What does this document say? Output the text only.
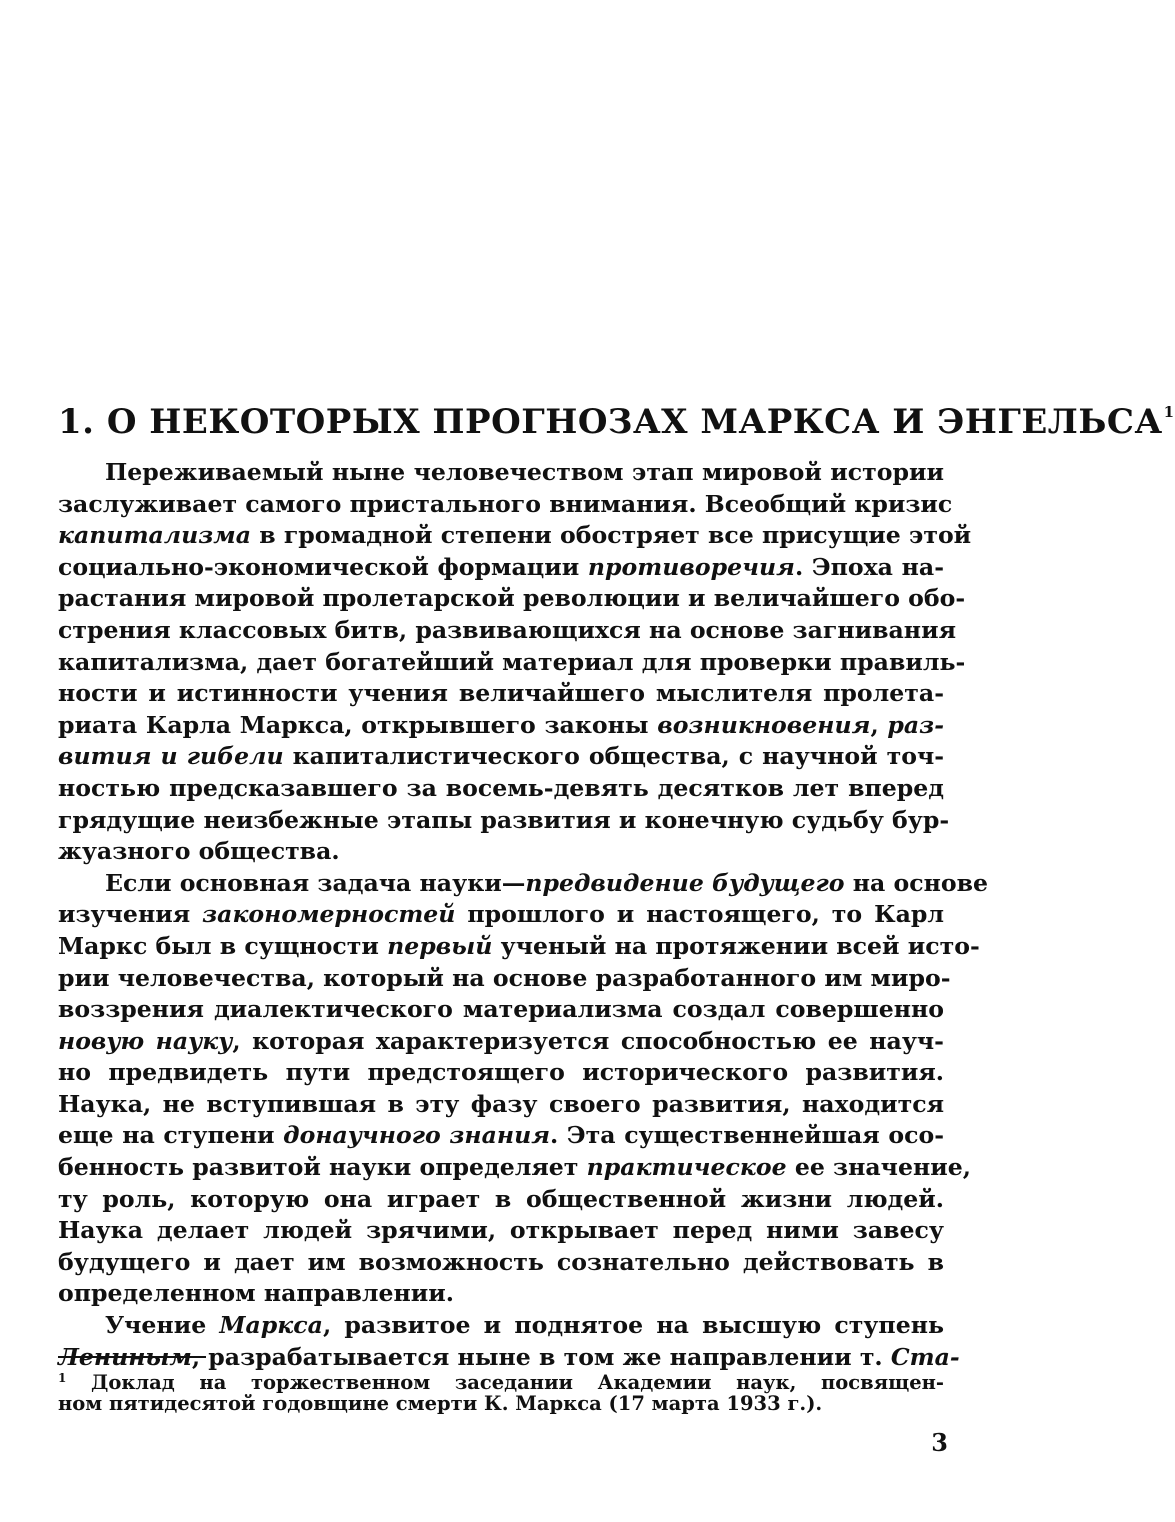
1. О НЕКОТОРЫХ ПРОГНОЗАХ МАРКСА И ЭНГЕЛЬСА$^1$
Переживаемый ныне человечеством этап мировой истории
заслуживает самого пристального внимания. Всеобщий кризис
капитализма в громадной степени обостряет все присущие этой
социально-экономической формации противоречия. Эпоха на-
растания мировой пролетарской революции и величайшего обо-
стрения классовых битв, развивающихся на основе загнивания
капитализма, дает богатейший материал для проверки правиль-
ности и истинности учения величайшего мыслителя пролета-
риата Карла Маркса, открывшего законы возникновения, раз-
вития и гибели капиталистического общества, с научной точ-
ностью предсказавшего за восемь-девять десятков лет вперед
грядущие неизбежные этапы развития и конечную судьбу бур-
жуазного общества.
Если основная задача науки—предвидение будущего на основе
изучения закономерностей прошлого и настоящего, то Карл
Маркс был в сущности первый ученый на протяжении всей исто-
рии человечества, который на основе разработанного им миро-
воззрения диалектического материализма создал совершенно
новую науку, которая характеризуется способностью ее науч-
но предвидеть пути предстоящего исторического развития.
Наука, не вступившая в эту фазу своего развития, находится
еще на ступени донаучного знания. Эта существеннейшая осо-
бенность развитой науки определяет практическое ее значение,
ту роль, которую она играет в общественной жизни людей.
Наука делает людей зрячими, открывает перед ними завесу
будущего и дает им возможность сознательно действовать в
определенном направлении.
Учение Маркса, развитое и поднятое на высшую ступень
Лениным, разрабатывается ныне в том же направлении т. Ста-
$^1$ Доклад на торжественном заседании Академии наук, посвящен-
ном пятидесятой годовщине смерти К. Маркса (17 марта 1933 г.).
3
